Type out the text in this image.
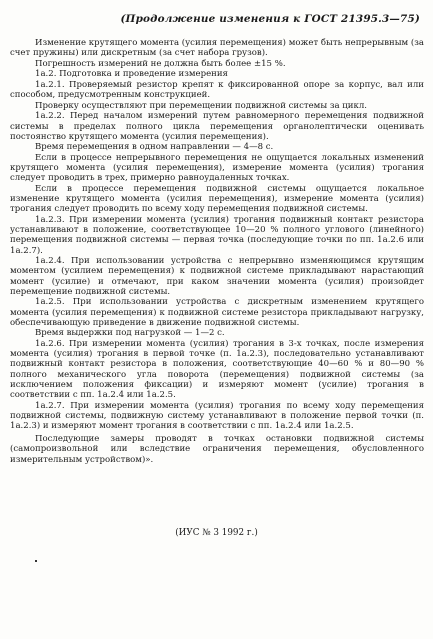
(Продолжение изменения к ГОСТ 21395.3—75)

Изменение крутящего момента (усилия перемещения) может быть непрерывным (за счет пружины) или дискретным (за счет набора грузов).

Погрешность измерений не должна быть более ±15 %.

1а.2. Подготовка и проведение измерения

1а.2.1. Проверяемый резистор крепят к фиксированной опоре за корпус, вал или способом, предусмотренным конструкцией.

Проверку осуществляют при перемещении подвижной системы за цикл.

1а.2.2. Перед началом измерений путем равномерного перемещения подвижной системы в пределах полного цикла перемещения органолептически оценивать постоянство крутящего момента (усилия перемещения).

Время перемещения в одном направлении — 4—8 с.

Если в процессе непрерывного перемещения не ощущается локальных изменений крутящего момента (усилия перемещения), измерение момента (усилия) трогания следует проводить в трех, примерно равноудаленных точках.

Если в процессе перемещения подвижной системы ощущается локальное изменение крутящего момента (усилия перемещения), измерение момента (усилия) трогания следует проводить по всему ходу перемещения подвижной системы.

1а.2.3. При измерении момента (усилия) трогания подвижный контакт резистора устанавливают в положение, соответствующее 10—20 % полного углового (линейного) перемещения подвижной системы — первая точка (последующие точки по пп. 1а.2.6 или 1а.2.7).

1а.2.4. При использовании устройства с непрерывно изменяющимся крутящим моментом (усилием перемещения) к подвижной системе прикладывают нарастающий момент (усилие) и отмечают, при каком значении момента (усилия) произойдет перемещение подвижной системы.

1а.2.5. При использовании устройства с дискретным изменением крутящего момента (усилия перемещения) к подвижной системе резистора прикладывают нагрузку, обеспечивающую приведение в движение подвижной системы.

Время выдержки под нагрузкой — 1—2 с.

1а.2.6. При измерении момента (усилия) трогания в 3-х точках, после измерения момента (усилия) трогания в первой точке (п. 1а.2.3), последовательно устанавливают подвижный контакт резистора в положения, соответствующие 40—60 % и 80—90 % полного механического угла поворота (перемещения) подвижной системы (за исключением положения фиксации) и измеряют момент (усилие) трогания в соответствии с пп. 1а.2.4 или 1а.2.5.

1а.2.7. При измерении момента (усилия) трогания по всему ходу перемещения подвижной системы, подвижную систему устанавливают в положение первой точки (п. 1а.2.3) и измеряют момент трогания в соответствии с пп. 1а.2.4 или 1а.2.5.

Последующие замеры проводят в точках остановки подвижной системы (самопроизвольной или вследствие ограничения перемещения, обусловленного измерительным устройством)».

(ИУС № 3 1992 г.)
